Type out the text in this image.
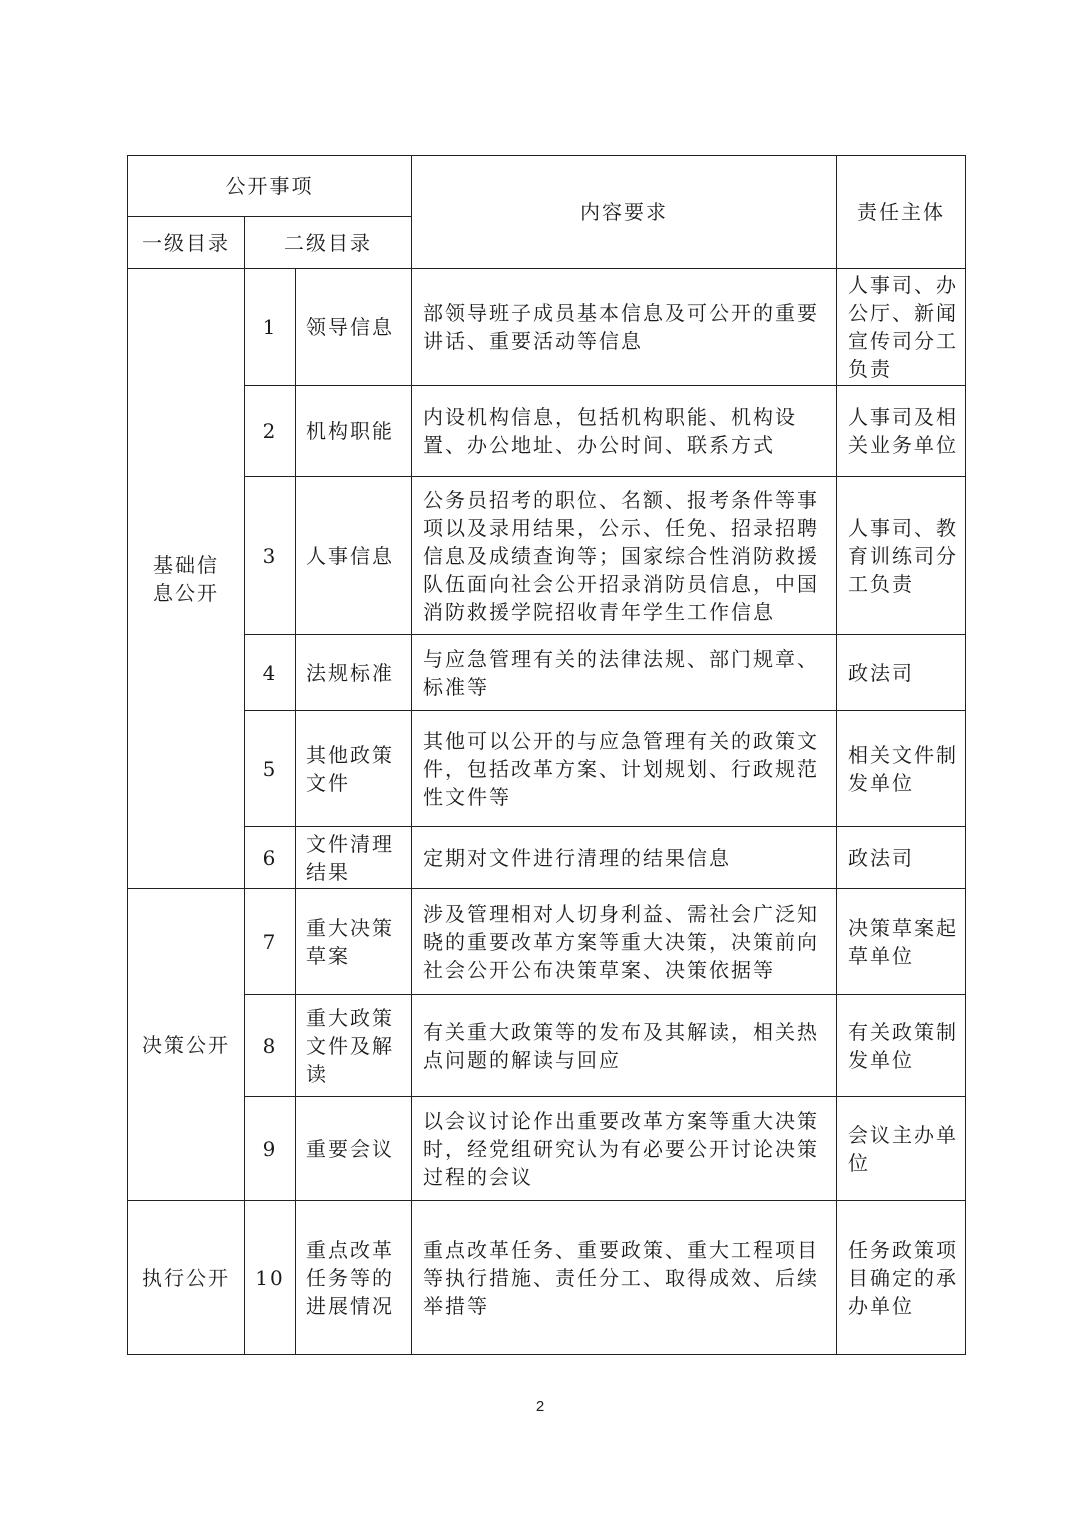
公开事项			内容要求	责任主体
一级目录	二级目录			
基础信息公开	1	领导信息	部领导班子成员基本信息及可公开的重要讲话、重要活动等信息	人事司、办公厅、新闻宣传司分工负责
	2	机构职能	内设机构信息，包括机构职能、机构设置、办公地址、办公时间、联系方式	人事司及相关业务单位
	3	人事信息	公务员招考的职位、名额、报考条件等事项以及录用结果，公示、任免、招录招聘信息及成绩查询等；国家综合性消防救援队伍面向社会公开招录消防员信息，中国消防救援学院招收青年学生工作信息	人事司、教育训练司分工负责
	4	法规标准	与应急管理有关的法律法规、部门规章、标准等	政法司
	5	其他政策文件	其他可以公开的与应急管理有关的政策文件，包括改革方案、计划规划、行政规范性文件等	相关文件制发单位
	6	文件清理结果	定期对文件进行清理的结果信息	政法司
决策公开	7	重大决策草案	涉及管理相对人切身利益、需社会广泛知晓的重要改革方案等重大决策，决策前向社会公开公布决策草案、决策依据等	决策草案起草单位
	8	重大政策文件及解读	有关重大政策等的发布及其解读，相关热点问题的解读与回应	有关政策制发单位
	9	重要会议	以会议讨论作出重要改革方案等重大决策时，经党组研究认为有必要公开讨论决策过程的会议	会议主办单位
执行公开	10	重点改革任务等的进展情况	重点改革任务、重要政策、重大工程项目等执行措施、责任分工、取得成效、后续举措等	任务政策项目确定的承办单位
2
